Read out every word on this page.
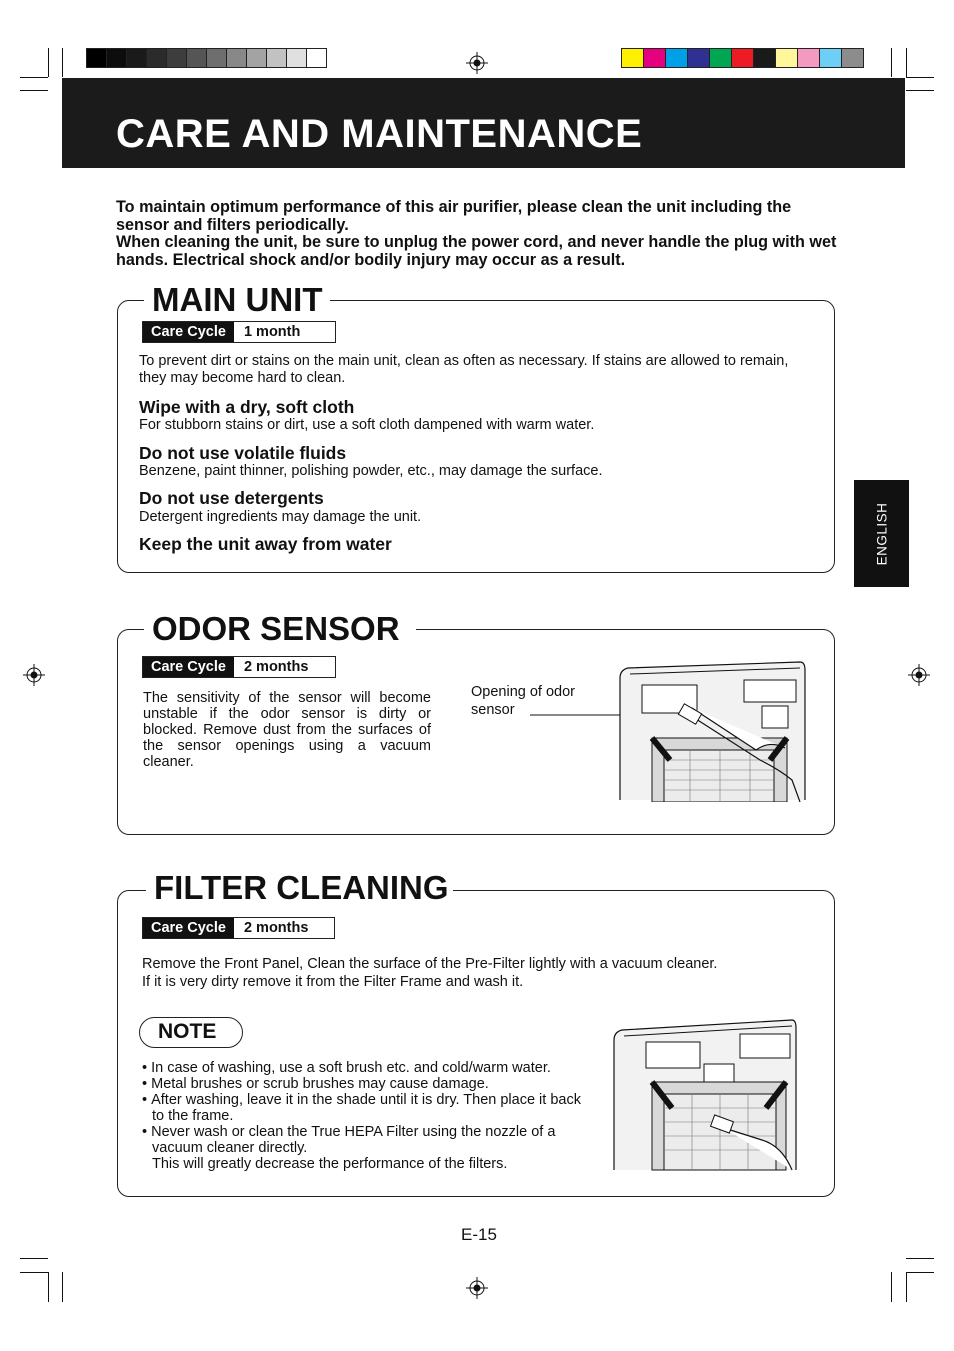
CARE AND MAINTENANCE

To maintain optimum performance of this air purifier, please clean the unit including the sensor and filters periodically.

When cleaning the unit, be sure to unplug the power cord, and never handle the plug with wet hands. Electrical shock and/or bodily injury may occur as a result.

MAIN UNIT
Care Cycle	1 month
To prevent dirt or stains on the main unit, clean as often as necessary. If stains are allowed to remain, they may become hard to clean.
Wipe with a dry, soft cloth
For stubborn stains or dirt, use a soft cloth dampened with warm water.
Do not use volatile fluids
Benzene, paint thinner, polishing powder, etc., may damage the surface.
Do not use detergents
Detergent ingredients may damage the unit.
Keep the unit away from water	ENGLISH
ODOR SENSOR
Care Cycle	2 months
The sensitivity of the sensor will become unstable if the odor sensor is dirty or blocked. Remove dust from the surfaces of the sensor openings using a vacuum cleaner.
Opening of odor sensor
FILTER CLEANING
Care Cycle	2 months
Remove the Front Panel, Clean the surface of the Pre-Filter lightly with a vacuum cleaner.
If it is very dirty remove it from the Filter Frame and wash it.
NOTE
• In case of washing, use a soft brush etc. and cold/warm water.
• Metal brushes or scrub brushes may cause damage.
• After washing, leave it in the shade until it is dry. Then place it back to the frame.
• Never wash or clean the True HEPA Filter using the nozzle of a vacuum cleaner directly.
This will greatly decrease the performance of the filters.
E-15
